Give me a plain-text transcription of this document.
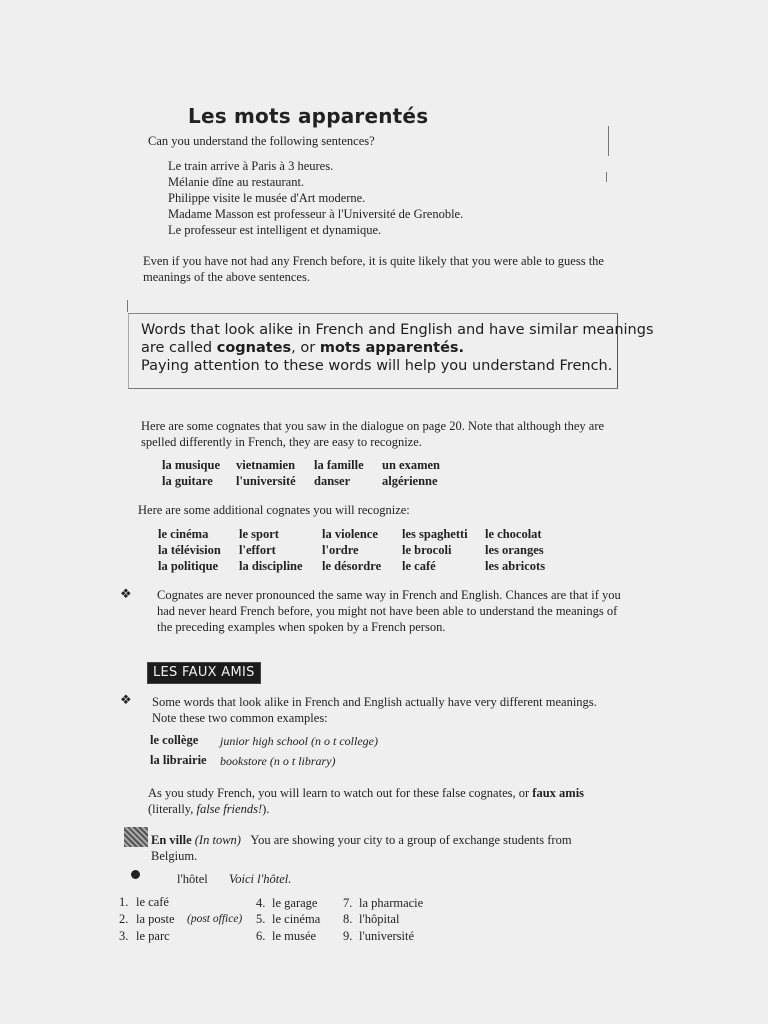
Les mots apparentés
Can you understand the following sentences?
Le train arrive à Paris à 3 heures.
Mélanie dîne au restaurant.
Philippe visite le musée d'Art moderne.
Madame Masson est professeur à l'Université de Grenoble.
Le professeur est intelligent et dynamique.
Even if you have not had any French before, it is quite likely that you were able to guess the meanings of the above sentences.
Words that look alike in French and English and have similar meanings
are called cognates, or mots apparentés.
Paying attention to these words will help you understand French.
Here are some cognates that you saw in the dialogue on page 20. Note that although they are spelled differently in French, they are easy to recognize.
la musique vietnamien la famille un examen
la guitare l'université danser	algérienne
Here are some additional cognates you will recognize:
le cinéma
la télévision
la politique
le sport
l'effort
la discipline
la violence
l'ordre
le désordre
les spaghetti
le brocoli
le café
le chocolat
les oranges
les abricots
❖ Cognates are never pronounced the same way in French and English. Chances are that if you had never heard French before, you might not have been able to understand the meanings of the preceding examples when spoken by a French person.
LES FAUX AMIS
❖ Some words that look alike in French and English actually have very different meanings. Note these two common examples:
le collège junior high school (n o t college)
la librairie bookstore (n o t library)
As you study French, you will learn to watch out for these false cognates, or faux amis (literally, false friends!).
En ville (In town) You are showing your city to a group of exchange students from Belgium.
l'hôtel Voici l'hôtel.
1. le café
2. la poste (post office)
3. le parc
4. le garage
5. le cinéma
6. le musée
7. la pharmacie
8. l'hôpital
9. l'université
